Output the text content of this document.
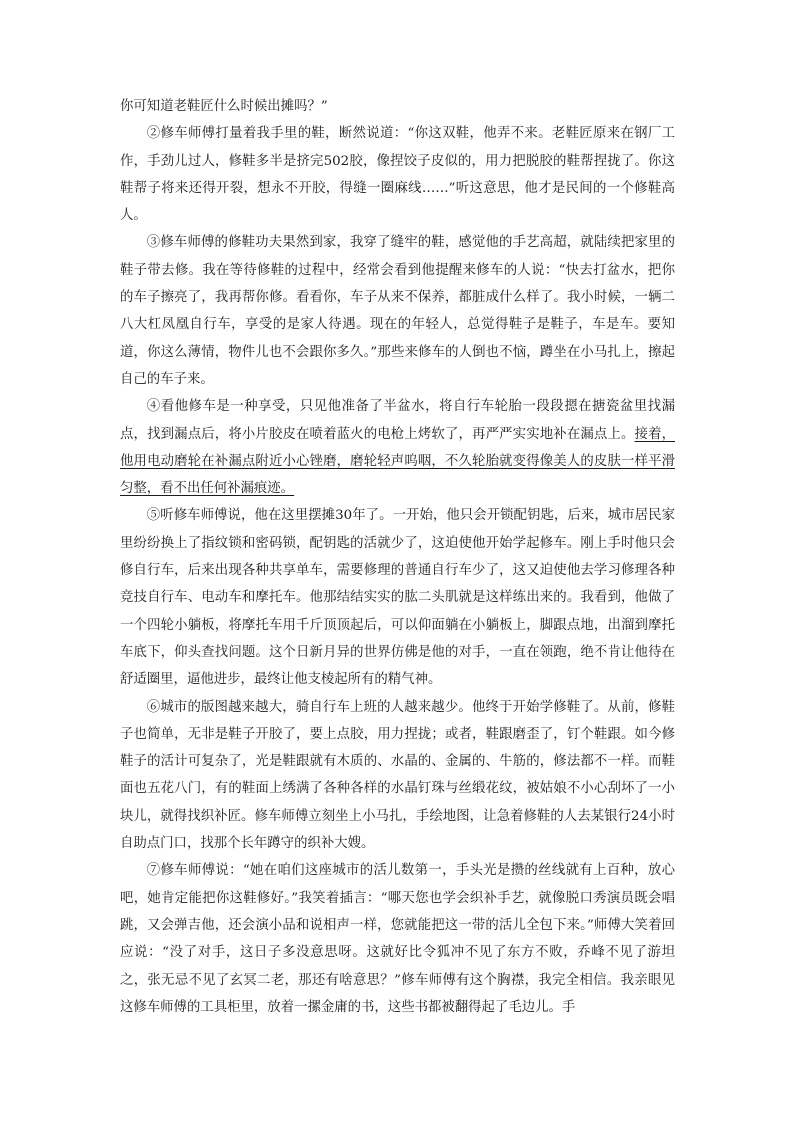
你可知道老鞋匠什么时候出摊吗？”

②修车师傅打量着我手里的鞋，断然说道：“你这双鞋，他弄不来。老鞋匠原来在钢厂工作，手劲儿过人，修鞋多半是挤完502胶，像捏饺子皮似的，用力把脱胶的鞋帮捏拢了。你这鞋帮子将来还得开裂，想永不开胶，得缝一圈麻线……”听这意思，他才是民间的一个修鞋高人。

③修车师傅的修鞋功夫果然到家，我穿了缝牢的鞋，感觉他的手艺高超，就陆续把家里的鞋子带去修。我在等待修鞋的过程中，经常会看到他提醒来修车的人说：“快去打盆水，把你的车子擦亮了，我再帮你修。看看你，车子从来不保养，都脏成什么样了。我小时候，一辆二八大杠凤凰自行车，享受的是家人待遇。现在的年轻人，总觉得鞋子是鞋子，车是车。要知道，你这么薄情，物件儿也不会跟你多久。”那些来修车的人倒也不恼，蹲坐在小马扎上，擦起自己的车子来。

④看他修车是一种享受，只见他准备了半盆水，将自行车轮胎一段段摁在搪瓷盆里找漏点，找到漏点后，将小片胶皮在喷着蓝火的电枪上烤软了，再严严实实地补在漏点上。接着，他用电动磨轮在补漏点附近小心锉磨，磨轮轻声呜咽，不久轮胎就变得像美人的皮肤一样平滑匀整，看不出任何补漏痕迹。

⑤听修车师傅说，他在这里摆摊30年了。一开始，他只会开锁配钥匙，后来，城市居民家里纷纷换上了指纹锁和密码锁，配钥匙的活就少了，这迫使他开始学起修车。刚上手时他只会修自行车，后来出现各种共享单车，需要修理的普通自行车少了，这又迫使他去学习修理各种竞技自行车、电动车和摩托车。他那结结实实的肱二头肌就是这样练出来的。我看到，他做了一个四轮小躺板，将摩托车用千斤顶顶起后，可以仰面躺在小躺板上，脚跟点地，出溜到摩托车底下，仰头查找问题。这个日新月异的世界仿佛是他的对手，一直在领跑，绝不肯让他待在舒适圈里，逼他进步，最终让他支棱起所有的精气神。

⑥城市的版图越来越大，骑自行车上班的人越来越少。他终于开始学修鞋了。从前，修鞋子也简单，无非是鞋子开胶了，要上点胶，用力捏拢；或者，鞋跟磨歪了，钉个鞋跟。如今修鞋子的活计可复杂了，光是鞋跟就有木质的、水晶的、金属的、牛筋的，修法都不一样。而鞋面也五花八门，有的鞋面上绣满了各种各样的水晶钉珠与丝缎花纹，被姑娘不小心刮坏了一小块儿，就得找织补匠。修车师傅立刻坐上小马扎，手绘地图，让急着修鞋的人去某银行24小时自助点门口，找那个长年蹲守的织补大嫂。

⑦修车师傅说：“她在咱们这座城市的活儿数第一，手头光是攒的丝线就有上百种，放心吧，她肯定能把你这鞋修好。”我笑着插言：“哪天您也学会织补手艺，就像脱口秀演员既会唱跳，又会弹吉他，还会演小品和说相声一样，您就能把这一带的活儿全包下来。”师傅大笑着回应说：“没了对手，这日子多没意思呀。这就好比令狐冲不见了东方不败，乔峰不见了游坦之，张无忌不见了玄冥二老，那还有啥意思？”修车师傅有这个胸襟，我完全相信。我亲眼见这修车师傅的工具柜里，放着一摞金庸的书，这些书都被翻得起了毛边儿。手
